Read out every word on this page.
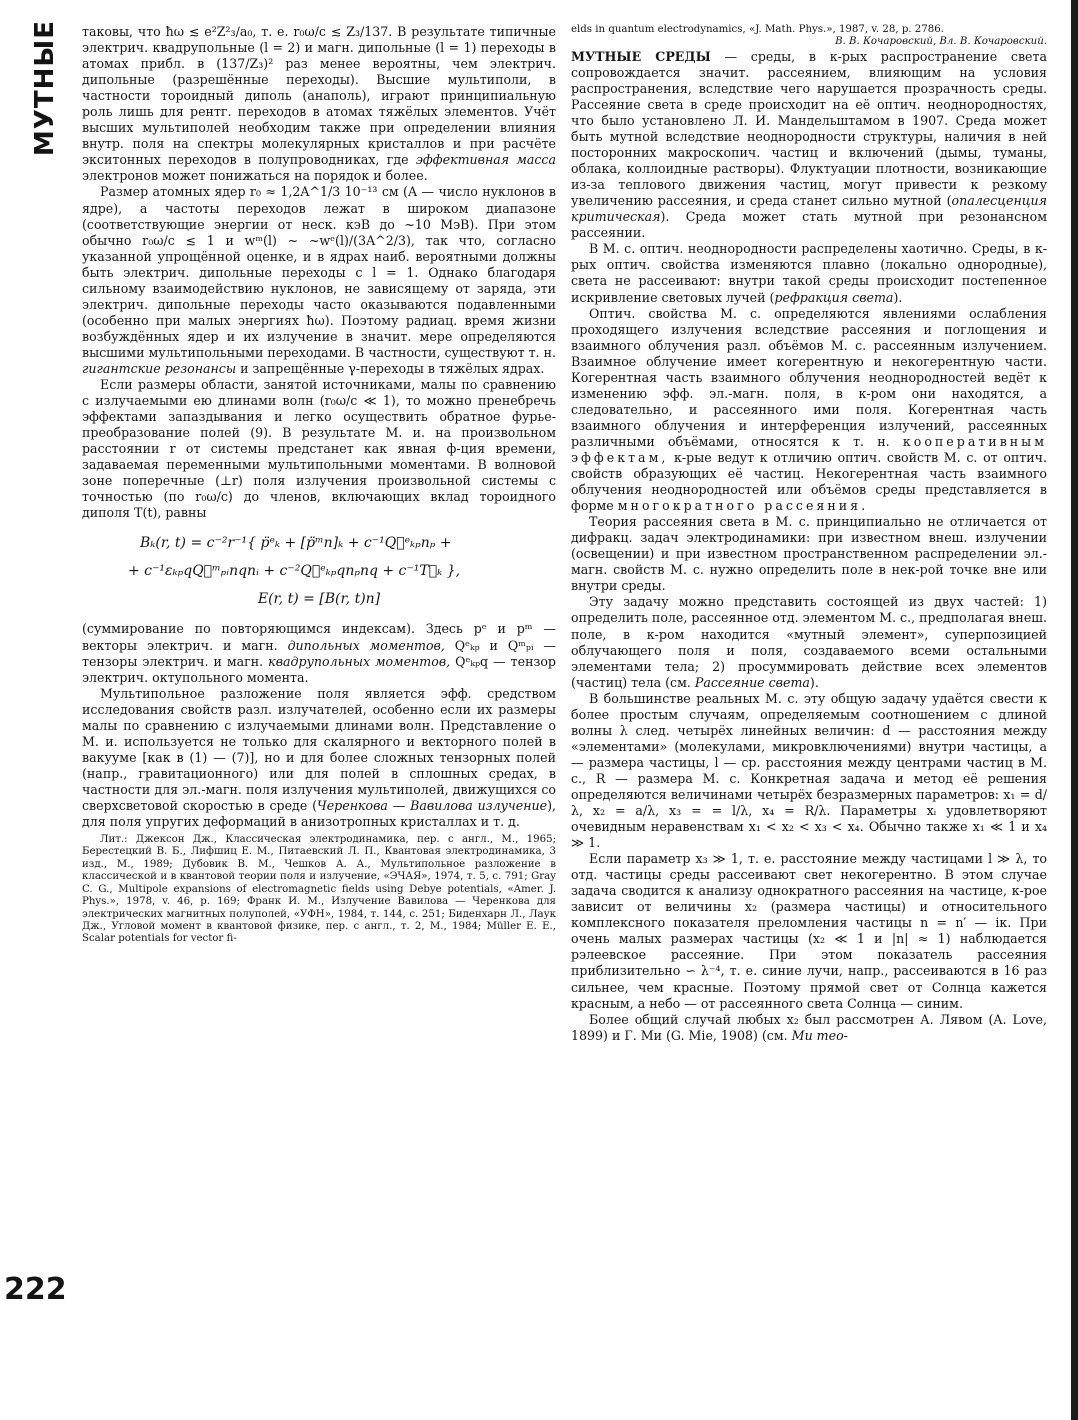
МУТНЫЕ
222

таковы, что ħω ≲ e²Z²₃/a₀, т. е. r₀ω/c ≲ Z₃/137. В результате типичные электрич. квадрупольные (l = 2) и магн. дипольные (l = 1) переходы в атомах прибл. в (137/Z₃)² раз менее вероятны, чем электрич. дипольные (разрешённые переходы). Высшие мультиполи, в частности тороидный диполь (анаполь), играют принципиальную роль лишь для рентг. переходов в атомах тяжёлых элементов. Учёт высших мультиполей необходим также при определении влияния внутр. поля на спектры молекулярных кристаллов и при расчёте экситонных переходов в полупроводниках, где эффективная масса электронов может понижаться на порядок и более.

Размер атомных ядер r₀ ≈ 1,2A^1/3 10⁻¹³ см (A — число нуклонов в ядре), а частоты переходов лежат в широком диапазоне (соответствующие энергии от неск. кэВ до ~10 МэВ). При этом обычно r₀ω/c ≲ 1 и wᵐ(l) ~ ~wᵉ(l)/(3A^2/3), так что, согласно указанной упрощённой оценке, и в ядрах наиб. вероятными должны быть электрич. дипольные переходы с l = 1. Однако благодаря сильному взаимодействию нуклонов, не зависящему от заряда, эти электрич. дипольные переходы часто оказываются подавленными (особенно при малых энергиях ħω). Поэтому радиац. время жизни возбуждённых ядер и их излучение в значит. мере определяются высшими мультипольными переходами. В частности, существуют т. н. гигантские резонансы и запрещённые γ-переходы в тяжёлых ядрах.

Если размеры области, занятой источниками, малы по сравнению с излучаемыми ею длинами волн (r₀ω/c ≪ 1), то можно пренебречь эффектами запаздывания и легко осуществить обратное фурье-преобразование полей (9). В результате М. и. на произвольном расстоянии r от системы предстанет как явная ф-ция времени, задаваемая переменными мультипольными моментами. В волновой зоне поперечные (⊥r) поля излучения произвольной системы с точностью (по r₀ω/c) до членов, включающих вклад тороидного диполя T(t), равны

Bₖ(r, t) = c⁻²r⁻¹{ p̈ᵉₖ + [p̈ᵐn]ₖ + c⁻¹Q⃛ᵉₖₚnₚ +
+ c⁻¹εₖₚqQ⃛ᵐₚᵢnqnᵢ + c⁻²Q⃜ᵉₖₚqnₚnq + c⁻¹T⃛ₖ },
E(r, t) = [B(r, t)n]

(суммирование по повторяющимся индексам). Здесь pᵉ и pᵐ — векторы электрич. и магн. дипольных моментов, Qᵉₖₚ и Qᵐₚᵢ — тензоры электрич. и магн. квадрупольных моментов, Qᵉₖₚq — тензор электрич. октупольного момента.

Мультипольное разложение поля является эфф. средством исследования свойств разл. излучателей, особенно если их размеры малы по сравнению с излучаемыми длинами волн. Представление о М. и. используется не только для скалярного и векторного полей в вакууме [как в (1) — (7)], но и для более сложных тензорных полей (напр., гравитационного) или для полей в сплошных средах, в частности для эл.-магн. поля излучения мультиполей, движущихся со сверхсветовой скоростью в среде (Черенкова — Вавилова излучение), для поля упругих деформаций в анизотропных кристаллах и т. д.

Лит.: Джексон Дж., Классическая электродинамика, пер. с англ., М., 1965; Берестецкий В. Б., Лифшиц Е. М., Питаевский Л. П., Квантовая электродинамика, 3 изд., М., 1989; Дубовик В. М., Чешков А. А., Мультипольное разложение в классической и в квантовой теории поля и излучение, «ЭЧАЯ», 1974, т. 5, с. 791; Gray C. G., Multipole expansions of electromagnetic fields using Debye potentials, «Amer. J. Phys.», 1978, v. 46, p. 169; Франк И. М., Излучение Вавилова — Черенкова для электрических магнитных полуполей, «УФН», 1984, т. 144, с. 251; Биденхарн Л., Лаук Дж., Угловой момент в квантовой физике, пер. с англ., т. 2, М., 1984; Müller E. E., Scalar potentials for vector fi-

elds in quantum electrodynamics, «J. Math. Phys.», 1987, v. 28, p. 2786.
В. В. Кочаровский, Вл. В. Кочаровский.

МУТНЫЕ СРЕДЫ — среды, в к-рых распространение света сопровождается значит. рассеянием, влияющим на условия распространения, вследствие чего нарушается прозрачность среды. Рассеяние света в среде происходит на её оптич. неоднородностях, что было установлено Л. И. Мандельштамом в 1907. Среда может быть мутной вследствие неоднородности структуры, наличия в ней посторонних макроскопич. частиц и включений (дымы, туманы, облака, коллоидные растворы). Флуктуации плотности, возникающие из-за теплового движения частиц, могут привести к резкому увеличению рассеяния, и среда станет сильно мутной (опалесценция критическая). Среда может стать мутной при резонансном рассеянии.

В М. с. оптич. неоднородности распределены хаотично. Среды, в к-рых оптич. свойства изменяются плавно (локально однородные), света не рассеивают: внутри такой среды происходит постепенное искривление световых лучей (рефракция света).

Оптич. свойства М. с. определяются явлениями ослабления проходящего излучения вследствие рассеяния и поглощения и взаимного облучения разл. объёмов М. с. рассеянным излучением. Взаимное облучение имеет когерентную и некогерентную части. Когерентная часть взаимного облучения неоднородностей ведёт к изменению эфф. эл.-магн. поля, в к-ром они находятся, а следовательно, и рассеянного ими поля. Когерентная часть взаимного облучения и интерференция излучений, рассеянных различными объёмами, относятся к т. н. кооперативным эффектам, к-рые ведут к отличию оптич. свойств М. с. от оптич. свойств образующих её частиц. Некогерентная часть взаимного облучения неоднородностей или объёмов среды представляется в форме многократного рассеяния.

Теория рассеяния света в М. с. принципиально не отличается от дифракц. задач электродинамики: при известном внеш. излучении (освещении) и при известном пространственном распределении эл.-магн. свойств М. с. нужно определить поле в нек-рой точке вне или внутри среды.

Эту задачу можно представить состоящей из двух частей: 1) определить поле, рассеянное отд. элементом М. с., предполагая внеш. поле, в к-ром находится «мутный элемент», суперпозицией облучающего поля и поля, создаваемого всеми остальными элементами тела; 2) просуммировать действие всех элементов (частиц) тела (см. Рассеяние света).

В большинстве реальных М. с. эту общую задачу удаётся свести к более простым случаям, определяемым соотношением с длиной волны λ след. четырёх линейных величин: d — расстояния между «элементами» (молекулами, микровключениями) внутри частицы, a — размера частицы, l — ср. расстояния между центрами частиц в М. с., R — размера М. с. Конкретная задача и метод её решения определяются величинами четырёх безразмерных параметров: x₁ = d/λ, x₂ = a/λ, x₃ = = l/λ, x₄ = R/λ. Параметры xᵢ удовлетворяют очевидным неравенствам x₁ < x₂ < x₃ < x₄. Обычно также x₁ ≪ 1 и x₄ ≫ 1.

Если параметр x₃ ≫ 1, т. е. расстояние между частицами l ≫ λ, то отд. частицы среды рассеивают свет некогерентно. В этом случае задача сводится к анализу однократного рассеяния на частице, к-рое зависит от величины x₂ (размера частицы) и относительного комплексного показателя преломления частицы n = n′ — iκ. При очень малых размерах частицы (x₂ ≪ 1 и |n| ≈ 1) наблюдается рэлеевское рассеяние. При этом показатель рассеяния приблизительно ∽ λ⁻⁴, т. е. синие лучи, напр., рассеиваются в 16 раз сильнее, чем красные. Поэтому прямой свет от Солнца кажется красным, а небо — от рассеянного света Солнца — синим.

Более общий случай любых x₂ был рассмотрен А. Лявом (A. Love, 1899) и Г. Ми (G. Mie, 1908) (см. Ми тео-
